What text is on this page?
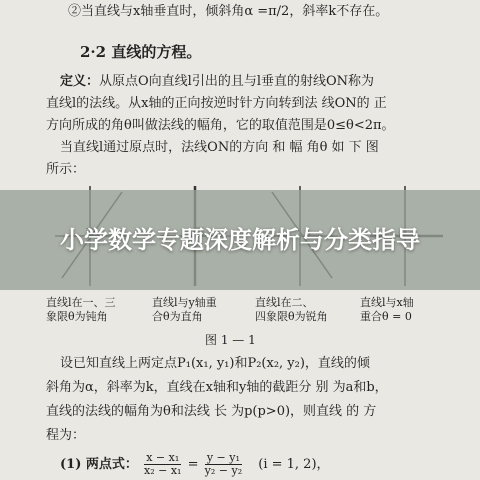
②当直线与x轴垂直时，倾斜角α =π/2，斜率k不存在。
2·2 直线的方程。
定义：从原点O向直线l引出的且与l垂直的射线ON称为
直线l的法线。从x轴的正向按逆时针方向转到法 线ON的 正
方向所成的角θ叫做法线的幅角，它的取值范围是0≤θ<2π。
当直线l通过原点时，法线ON的方向 和 幅 角θ 如 下 图
所示：
直线l在一、三
象限θ为钝角
直线l与y轴重
合θ为直角
直线l在二、
四象限θ为锐角
直线l与x轴
重合θ = 0
图 1 — 1
设已知直线上两定点P₁(x₁, y₁)和P₂(x₂, y₂)，直线的倾
斜角为α，斜率为k，直线在x轴和y轴的截距分 别 为a和b，
直线的法线的幅角为θ和法线 长 为p(p>0)，则直线 的 方
程为：
(1) 两点式： $\frac{\text{x − x₁}}{\text{x₂ − x₁}} = \frac{\text{y − y₁}}{\text{y₂ − y₂}} (i = 1$, 2)，
小学数学专题深度解析与分类指导
